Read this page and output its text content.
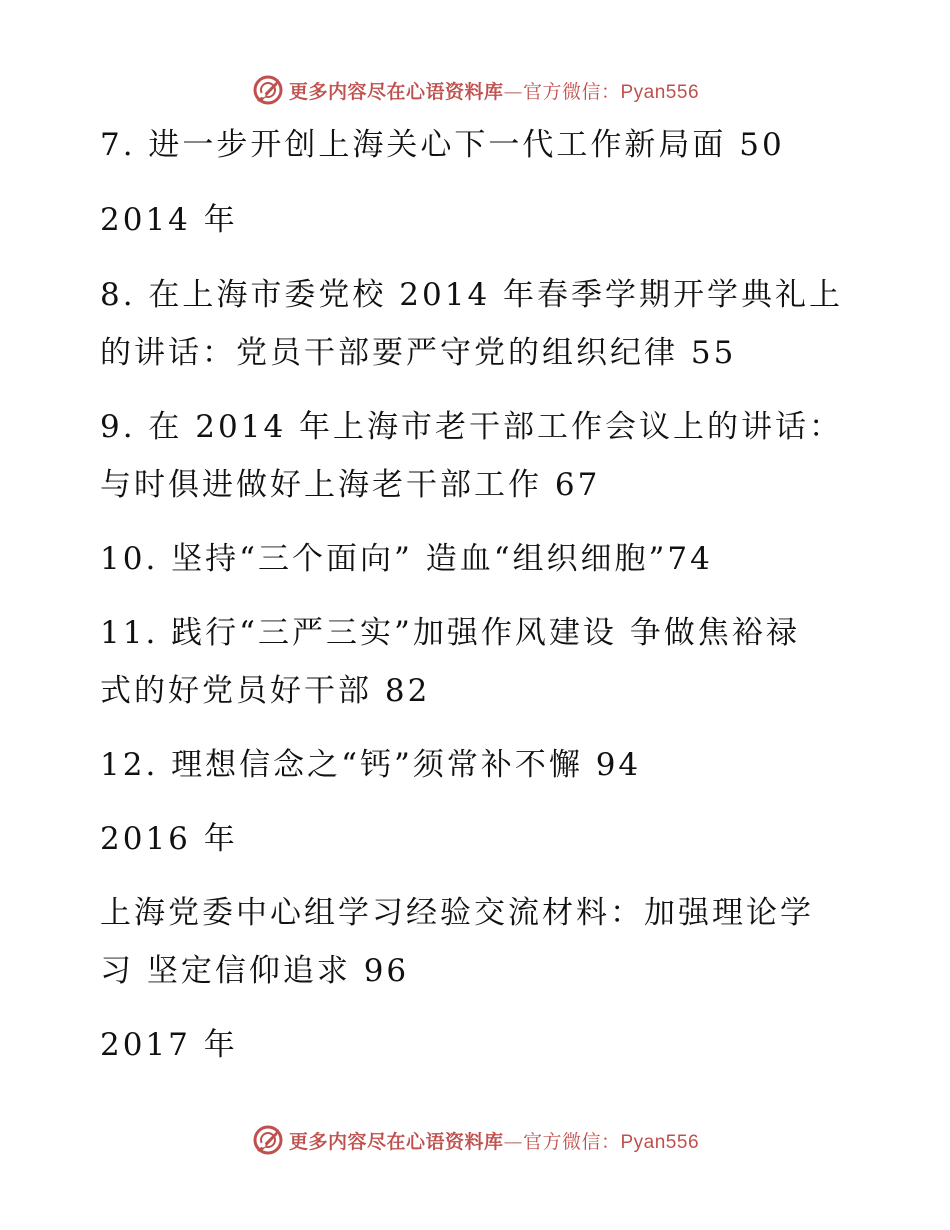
更多内容尽在心语资料库—官方微信：Pyan556
7. 进一步开创上海关心下一代工作新局面 50
2014 年
8. 在上海市委党校 2014 年春季学期开学典礼上
的讲话：党员干部要严守党的组织纪律 55
9. 在 2014 年上海市老干部工作会议上的讲话：
与时俱进做好上海老干部工作 67
10. 坚持“三个面向” 造血“组织细胞”74
11. 践行“三严三实”加强作风建设 争做焦裕禄
式的好党员好干部 82
12. 理想信念之“钙”须常补不懈 94
2016 年
上海党委中心组学习经验交流材料：加强理论学
习 坚定信仰追求 96
2017 年
更多内容尽在心语资料库—官方微信：Pyan556
